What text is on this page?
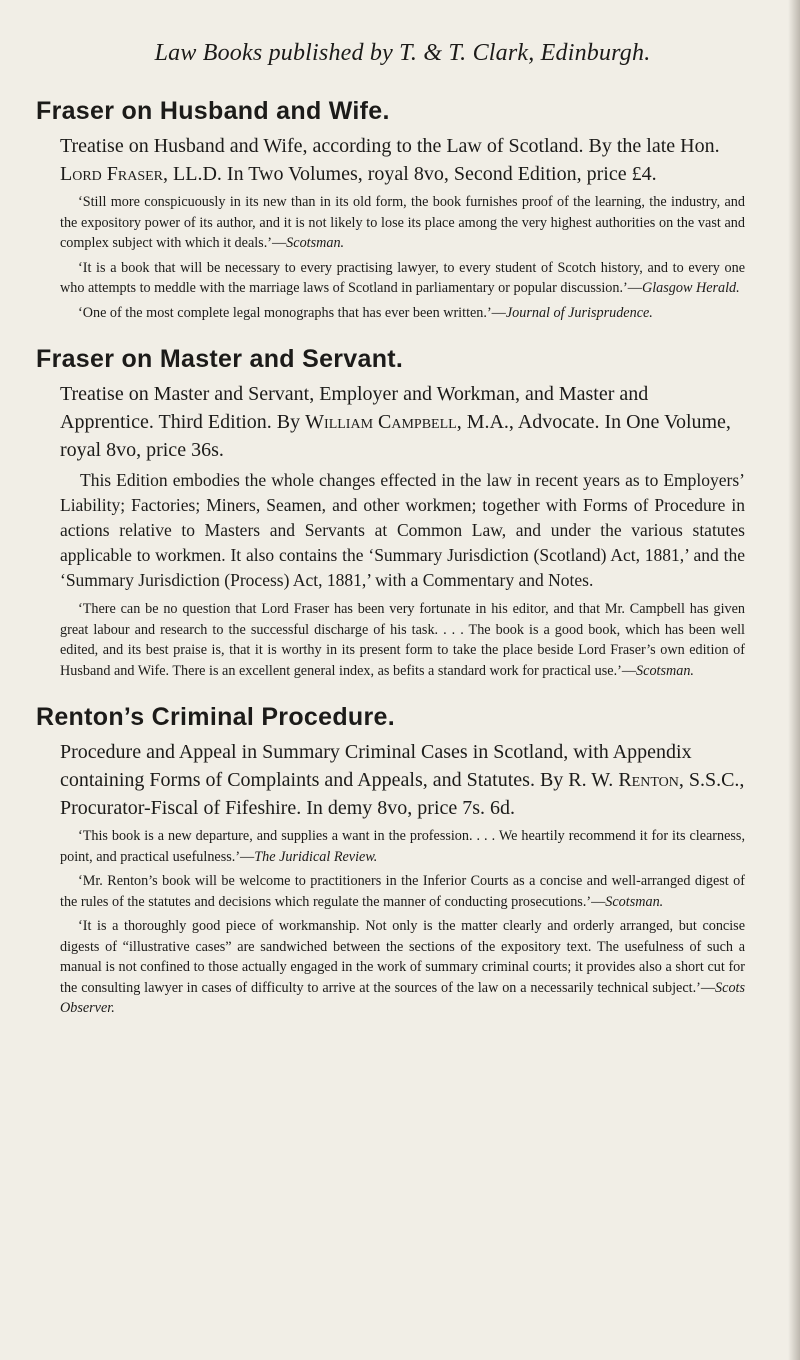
Law Books published by T. & T. Clark, Edinburgh.
Fraser on Husband and Wife.

Treatise on Husband and Wife, according to the Law of Scotland. By the late Hon. Lord Fraser, LL.D. In Two Volumes, royal 8vo, Second Edition, price £4.

‘Still more conspicuously in its new than in its old form, the book furnishes proof of the learning, the industry, and the expository power of its author, and it is not likely to lose its place among the very highest authorities on the vast and complex subject with which it deals.’—Scotsman.

‘It is a book that will be necessary to every practising lawyer, to every student of Scotch history, and to every one who attempts to meddle with the marriage laws of Scotland in parliamentary or popular discussion.’—Glasgow Herald.

‘One of the most complete legal monographs that has ever been written.’—Journal of Jurisprudence.

Fraser on Master and Servant.

Treatise on Master and Servant, Employer and Workman, and Master and Apprentice. Third Edition. By William Campbell, M.A., Advocate. In One Volume, royal 8vo, price 36s.

This Edition embodies the whole changes effected in the law in recent years as to Employers’ Liability; Factories; Miners, Seamen, and other workmen; together with Forms of Procedure in actions relative to Masters and Servants at Common Law, and under the various statutes applicable to workmen. It also contains the ‘Summary Jurisdiction (Scotland) Act, 1881,’ and the ‘Summary Jurisdiction (Process) Act, 1881,’ with a Commentary and Notes.

‘There can be no question that Lord Fraser has been very fortunate in his editor, and that Mr. Campbell has given great labour and research to the successful discharge of his task. . . . The book is a good book, which has been well edited, and its best praise is, that it is worthy in its present form to take the place beside Lord Fraser’s own edition of Husband and Wife. There is an excellent general index, as befits a standard work for practical use.’—Scotsman.

Renton’s Criminal Procedure.

Procedure and Appeal in Summary Criminal Cases in Scotland, with Appendix containing Forms of Complaints and Appeals, and Statutes. By R. W. Renton, S.S.C., Procurator-Fiscal of Fifeshire. In demy 8vo, price 7s. 6d.

‘This book is a new departure, and supplies a want in the profession. . . . We heartily recommend it for its clearness, point, and practical usefulness.’—The Juridical Review.

‘Mr. Renton’s book will be welcome to practitioners in the Inferior Courts as a concise and well-arranged digest of the rules of the statutes and decisions which regulate the manner of conducting prosecutions.’—Scotsman.

‘It is a thoroughly good piece of workmanship. Not only is the matter clearly and orderly arranged, but concise digests of “illustrative cases” are sandwiched between the sections of the expository text. The usefulness of such a manual is not confined to those actually engaged in the work of summary criminal courts; it provides also a short cut for the consulting lawyer in cases of difficulty to arrive at the sources of the law on a necessarily technical subject.’—Scots Observer.
